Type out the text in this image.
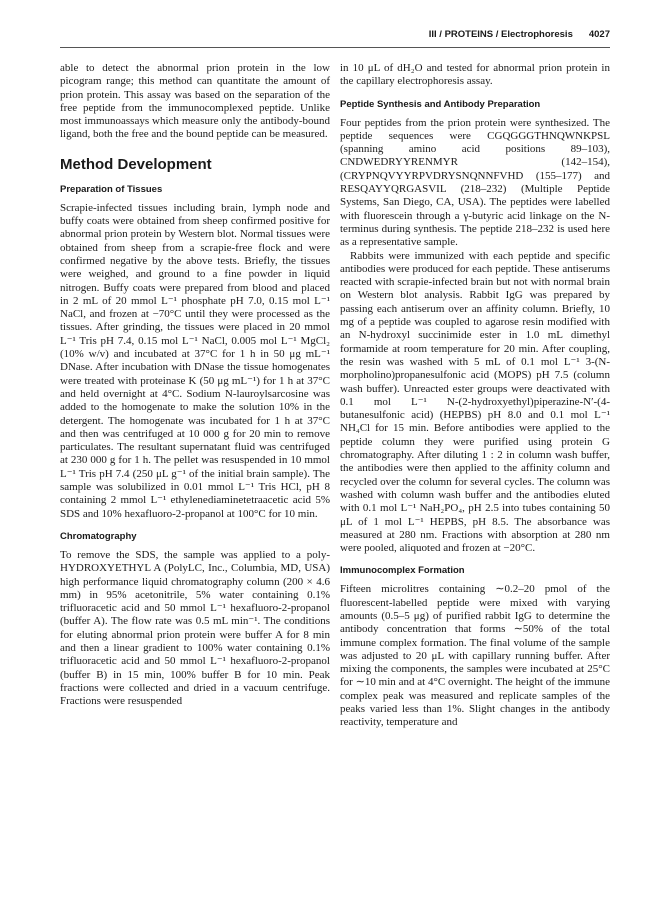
III / PROTEINS / Electrophoresis 4027

able to detect the abnormal prion protein in the low picogram range; this method can quantitate the amount of prion protein. This assay was based on the separation of the free peptide from the immunocomplexed peptide. Unlike most immunoassays which measure only the antibody-bound ligand, both the free and the bound peptide can be measured.

Method Development
Preparation of Tissues

Scrapie-infected tissues including brain, lymph node and buffy coats were obtained from sheep confirmed positive for abnormal prion protein by Western blot. Normal tissues were obtained from sheep from a scrapie-free flock and were confirmed negative by the above tests. Briefly, the tissues were weighed, and ground to a fine powder in liquid nitrogen. Buffy coats were prepared from blood and placed in 2 mL of 20 mmol L⁻¹ phosphate pH 7.0, 0.15 mol L⁻¹ NaCl, and frozen at −70°C until they were processed as the tissues. After grinding, the tissues were placed in 20 mmol L⁻¹ Tris pH 7.4, 0.15 mol L⁻¹ NaCl, 0.005 mol L⁻¹ MgCl₂ (10% w/v) and incubated at 37°C for 1 h in 50 μg mL⁻¹ DNase. After incubation with DNase the tissue homogenates were treated with proteinase K (50 μg mL⁻¹) for 1 h at 37°C and held overnight at 4°C. Sodium N-lauroylsarcosine was added to the homogenate to make the solution 10% in the detergent. The homogenate was incubated for 1 h at 37°C and then was centrifuged at 10 000 g for 20 min to remove particulates. The resultant supernatant fluid was centrifuged at 230 000 g for 1 h. The pellet was resuspended in 10 mmol L⁻¹ Tris pH 7.4 (250 μL g⁻¹ of the initial brain sample). The sample was solubilized in 0.01 mmol L⁻¹ Tris HCl, pH 8 containing 2 mmol L⁻¹ ethylenediaminetetraacetic acid 5% SDS and 10% hexafluoro-2-propanol at 100°C for 10 min.

Chromatography

To remove the SDS, the sample was applied to a poly-HYDROXYETHYL A (PolyLC, Inc., Columbia, MD, USA) high performance liquid chromatography column (200 × 4.6 mm) in 95% acetonitrile, 5% water containing 0.1% trifluoracetic acid and 50 mmol L⁻¹ hexafluoro-2-propanol (buffer A). The flow rate was 0.5 mL min⁻¹. The conditions for eluting abnormal prion protein were buffer A for 8 min and then a linear gradient to 100% water containing 0.1% trifluoracetic acid and 50 mmol L⁻¹ hexafluoro-2-propanol (buffer B) in 15 min, 100% buffer B for 10 min. Peak fractions were collected and dried in a vacuum centrifuge. Fractions were resuspended

in 10 μL of dH₂O and tested for abnormal prion protein in the capillary electrophoresis assay.

Peptide Synthesis and Antibody Preparation

Four peptides from the prion protein were synthesized. The peptide sequences were CGQGGGTHNQWNKPSL (spanning amino acid positions 89–103), CNDWEDRYYRENMYR (142–154), (CRYPNQVYYRPVDRYSNQNNFVHD (155–177) and RESQAYYQRGASVIL (218–232) (Multiple Peptide Systems, San Diego, CA, USA). The peptides were labelled with fluorescein through a γ-butyric acid linkage on the N-terminus during synthesis. The peptide 218–232 is used here as a representative sample.

Rabbits were immunized with each peptide and specific antibodies were produced for each peptide. These antiserums reacted with scrapie-infected brain but not with normal brain on Western blot analysis. Rabbit IgG was prepared by passing each antiserum over an affinity column. Briefly, 10 mg of a peptide was coupled to agarose resin modified with an N-hydroxyl succinimide ester in 1.0 mL dimethyl formamide at room temperature for 20 min. After coupling, the resin was washed with 5 mL of 0.1 mol L⁻¹ 3-(N-morpholino)propanesulfonic acid (MOPS) pH 7.5 (column wash buffer). Unreacted ester groups were deactivated with 0.1 mol L⁻¹ N-(2-hydroxyethyl)piperazine-N′-(4-butanesulfonic acid) (HEPBS) pH 8.0 and 0.1 mol L⁻¹ NH₄Cl for 15 min. Before antibodies were applied to the peptide column they were purified using protein G chromatography. After diluting 1 : 2 in column wash buffer, the antibodies were then applied to the affinity column and recycled over the column for several cycles. The column was washed with column wash buffer and the antibodies eluted with 0.1 mol L⁻¹ NaH₂PO₄, pH 2.5 into tubes containing 50 μL of 1 mol L⁻¹ HEPBS, pH 8.5. The absorbance was measured at 280 nm. Fractions with absorption at 280 nm were pooled, aliquoted and frozen at −20°C.

Immunocomplex Formation

Fifteen microlitres containing ∼0.2–20 pmol of the fluorescent-labelled peptide were mixed with varying amounts (0.5–5 μg) of purified rabbit IgG to determine the antibody concentration that forms ∼50% of the total immune complex formation. The final volume of the sample was adjusted to 20 μL with capillary running buffer. After mixing the components, the samples were incubated at 25°C for ∼10 min and at 4°C overnight. The height of the immune complex peak was measured and replicate samples of the peaks varied less than 1%. Slight changes in the antibody reactivity, temperature and
